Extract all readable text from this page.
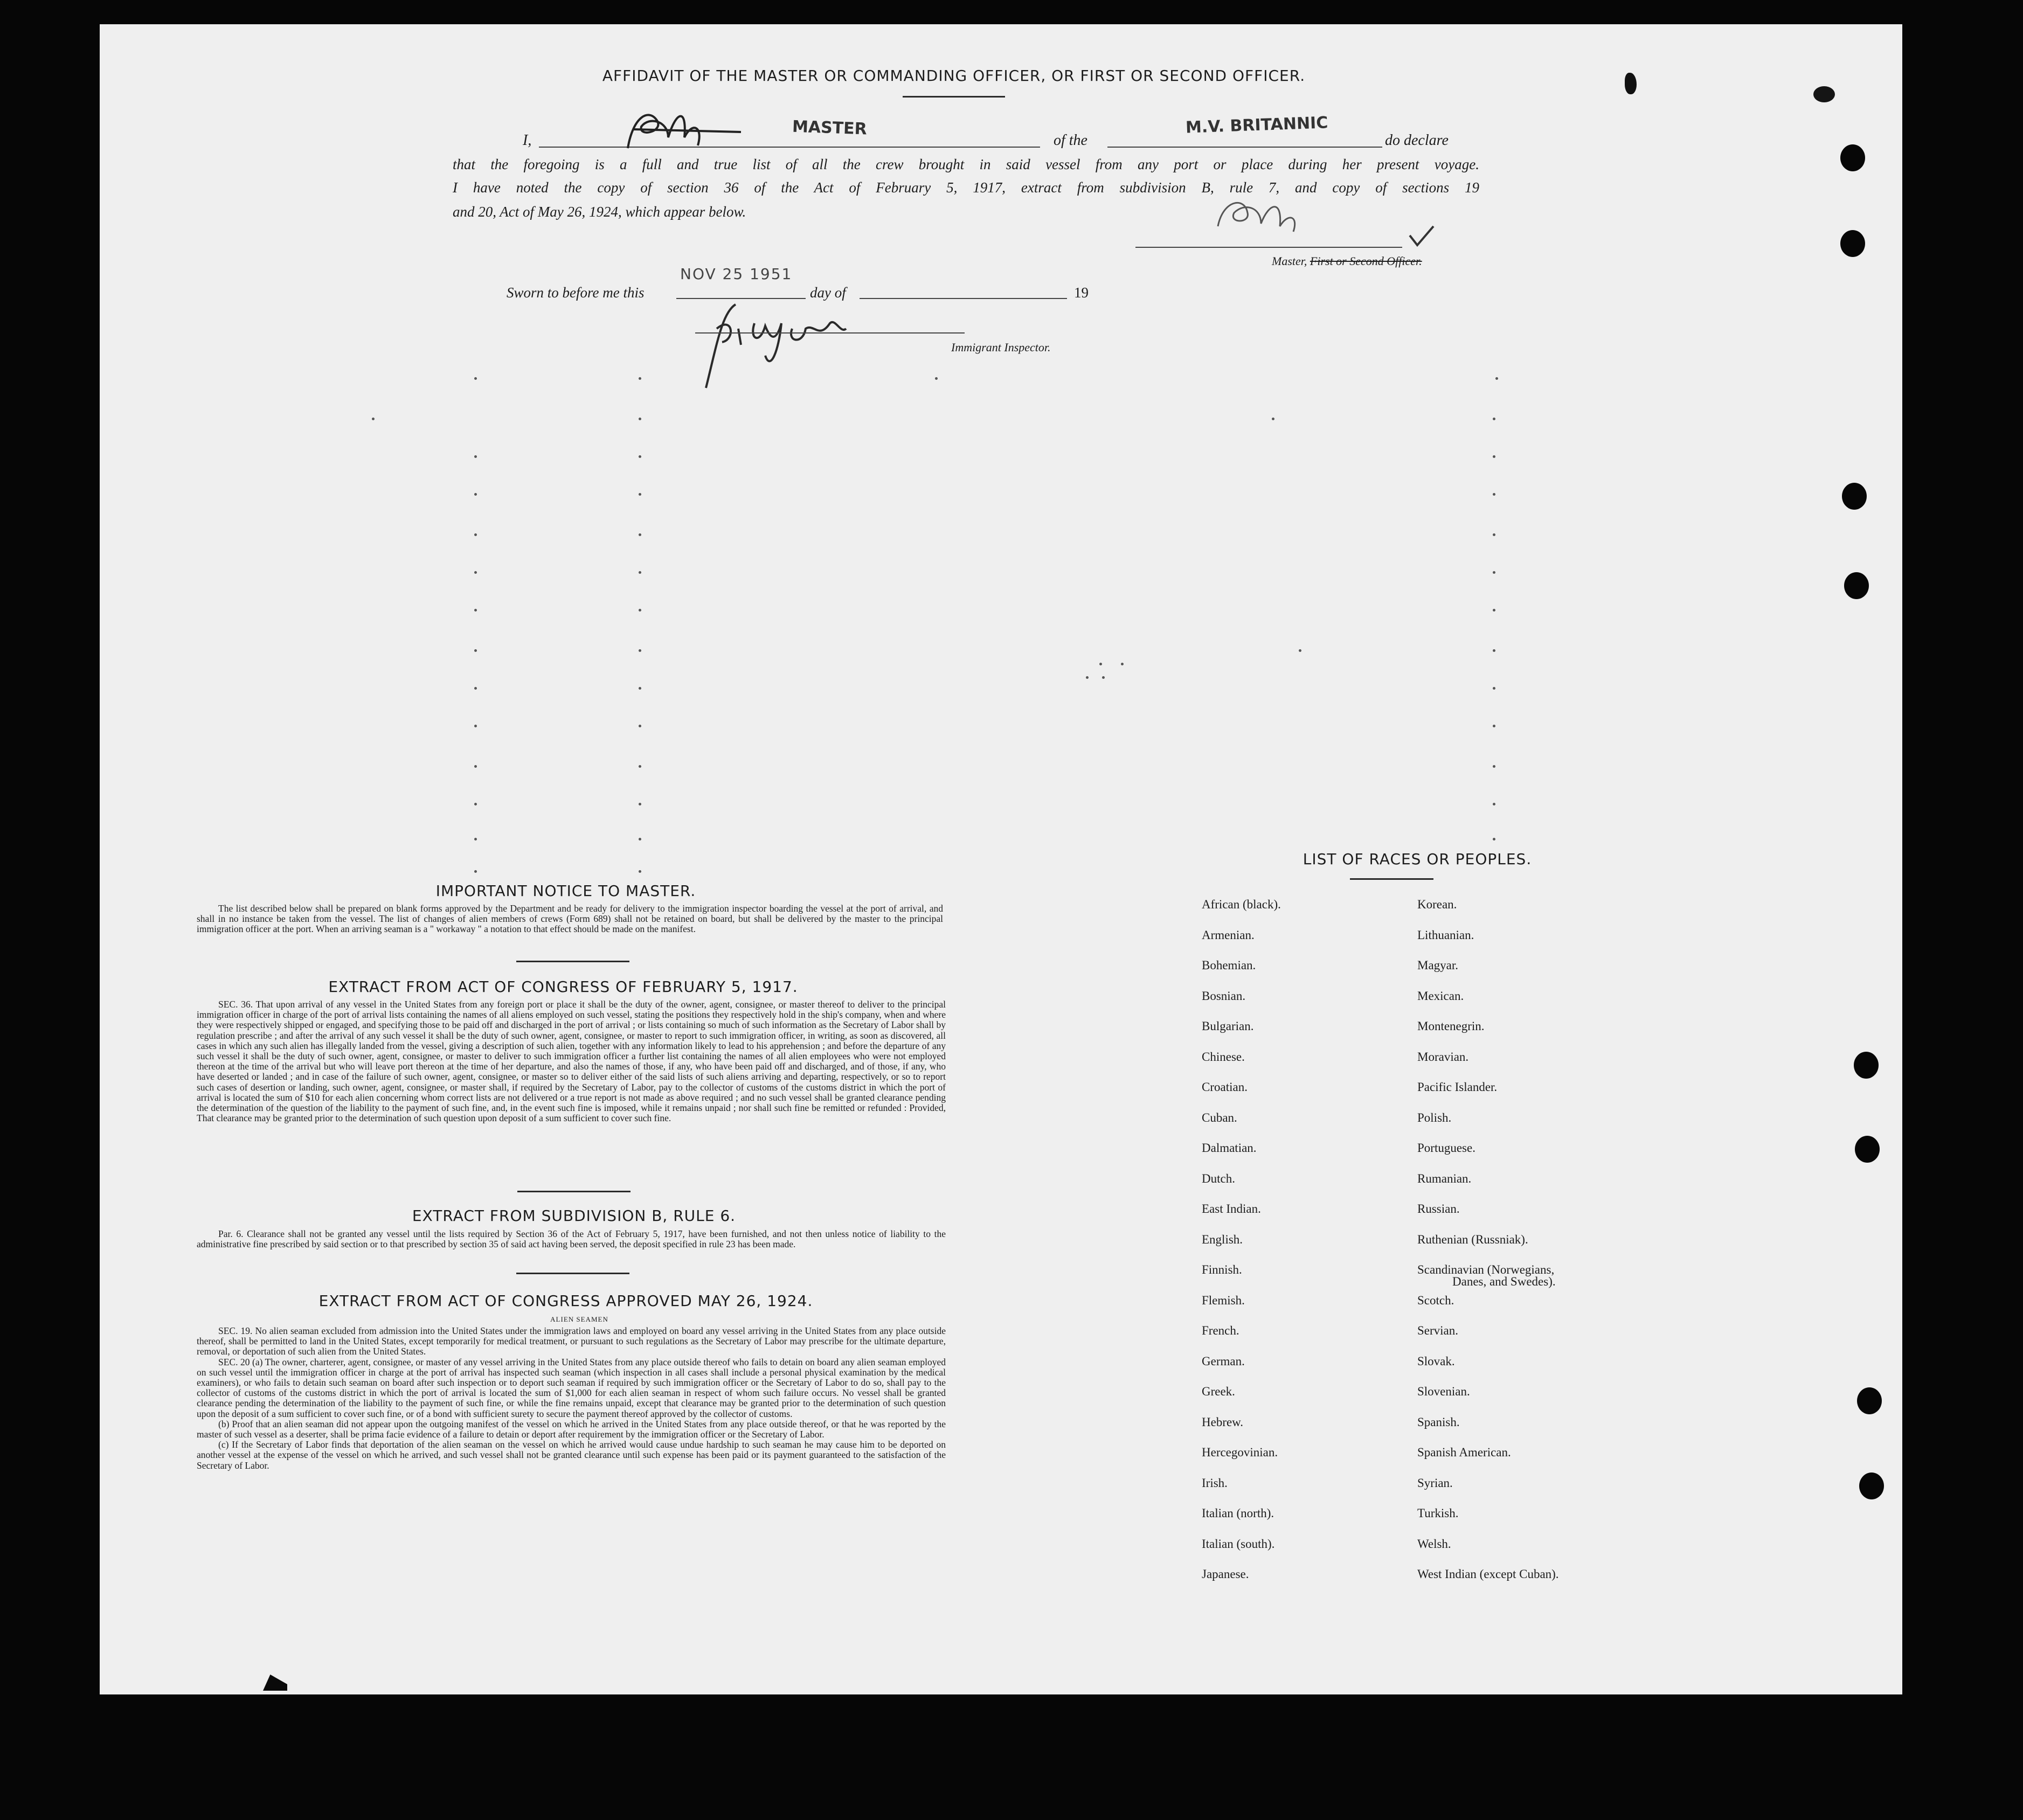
AFFIDAVIT OF THE MASTER OR COMMANDING OFFICER, OR FIRST OR SECOND OFFICER.
I,
MASTER
of the
M.V. BRITANNIC
do declare
that the foregoing is a full and true list of all the crew brought in said vessel from any port or place during her present voyage.
I have noted the copy of section 36 of the Act of February 5, 1917, extract from subdivision B, rule 7, and copy of sections 19
and 20, Act of May 26, 1924, which appear below.
Master, First or Second Officer.
Sworn to before me this
NOV 25 1951
day of	19
Immigrant Inspector.
IMPORTANT NOTICE TO MASTER.

The list described below shall be prepared on blank forms approved by the Department and be ready for delivery to the immigration inspector boarding the vessel at the port of arrival, and shall in no instance be taken from the vessel. The list of changes of alien members of crews (Form 689) shall not be retained on board, but shall be delivered by the master to the principal immigration officer at the port. When an arriving seaman is a " workaway " a notation to that effect should be made on the manifest.

EXTRACT FROM ACT OF CONGRESS OF FEBRUARY 5, 1917.

SEC. 36. That upon arrival of any vessel in the United States from any foreign port or place it shall be the duty of the owner, agent, consignee, or master thereof to deliver to the principal immigration officer in charge of the port of arrival lists containing the names of all aliens employed on such vessel, stating the positions they respectively hold in the ship's company, when and where they were respectively shipped or engaged, and specifying those to be paid off and discharged in the port of arrival ; or lists containing so much of such information as the Secretary of Labor shall by regulation prescribe ; and after the arrival of any such vessel it shall be the duty of such owner, agent, consignee, or master to report to such immigration officer, in writing, as soon as discovered, all cases in which any such alien has illegally landed from the vessel, giving a description of such alien, together with any information likely to lead to his apprehension ; and before the departure of any such vessel it shall be the duty of such owner, agent, consignee, or master to deliver to such immigration officer a further list containing the names of all alien employees who were not employed thereon at the time of the arrival but who will leave port thereon at the time of her departure, and also the names of those, if any, who have been paid off and discharged, and of those, if any, who have deserted or landed ; and in case of the failure of such owner, agent, consignee, or master so to deliver either of the said lists of such aliens arriving and departing, respectively, or so to report such cases of desertion or landing, such owner, agent, consignee, or master shall, if required by the Secretary of Labor, pay to the collector of customs of the customs district in which the port of arrival is located the sum of $10 for each alien concerning whom correct lists are not delivered or a true report is not made as above required ; and no such vessel shall be granted clearance pending the determination of the question of the liability to the payment of such fine, and, in the event such fine is imposed, while it remains unpaid ; nor shall such fine be remitted or refunded : Provided, That clearance may be granted prior to the determination of such question upon deposit of a sum sufficient to cover such fine.

EXTRACT FROM SUBDIVISION B, RULE 6.

Par. 6. Clearance shall not be granted any vessel until the lists required by Section 36 of the Act of February 5, 1917, have been furnished, and not then unless notice of liability to the administrative fine prescribed by said section or to that prescribed by section 35 of said act having been served, the deposit specified in rule 23 has been made.

EXTRACT FROM ACT OF CONGRESS APPROVED MAY 26, 1924.
ALIEN SEAMEN

SEC. 19. No alien seaman excluded from admission into the United States under the immigration laws and employed on board any vessel arriving in the United States from any place outside thereof, shall be permitted to land in the United States, except temporarily for medical treatment, or pursuant to such regulations as the Secretary of Labor may prescribe for the ultimate departure, removal, or deportation of such alien from the United States.

SEC. 20 (a) The owner, charterer, agent, consignee, or master of any vessel arriving in the United States from any place outside thereof who fails to detain on board any alien seaman employed on such vessel until the immigration officer in charge at the port of arrival has inspected such seaman (which inspection in all cases shall include a personal physical examination by the medical examiners), or who fails to detain such seaman on board after such inspection or to deport such seaman if required by such immigration officer or the Secretary of Labor to do so, shall pay to the collector of customs of the customs district in which the port of arrival is located the sum of $1,000 for each alien seaman in respect of whom such failure occurs. No vessel shall be granted clearance pending the determination of the liability to the payment of such fine, or while the fine remains unpaid, except that clearance may be granted prior to the determination of such question upon the deposit of a sum sufficient to cover such fine, or of a bond with sufficient surety to secure the payment thereof approved by the collector of customs.

(b) Proof that an alien seaman did not appear upon the outgoing manifest of the vessel on which he arrived in the United States from any place outside thereof, or that he was reported by the master of such vessel as a deserter, shall be prima facie evidence of a failure to detain or deport after requirement by the immigration officer or the Secretary of Labor.

(c) If the Secretary of Labor finds that deportation of the alien seaman on the vessel on which he arrived would cause undue hardship to such seaman he may cause him to be deported on another vessel at the expense of the vessel on which he arrived, and such vessel shall not be granted clearance until such expense has been paid or its payment guaranteed to the satisfaction of the Secretary of Labor.

LIST OF RACES OR PEOPLES.
African (black).
Armenian.
Bohemian.
Bosnian.
Bulgarian.
Chinese.
Croatian.
Cuban.
Dalmatian.
Dutch.
East Indian.
English.
Finnish.
Flemish.
French.
German.
Greek.
Hebrew.
Hercegovinian.
Irish.
Italian (north).
Italian (south).
Japanese.
Korean.
Lithuanian.
Magyar.
Mexican.
Montenegrin.
Moravian.
Pacific Islander.
Polish.
Portuguese.
Rumanian.
Russian.
Ruthenian (Russniak).
Scandinavian (Norwegians,
Danes, and Swedes).
Scotch.
Servian.
Slovak.
Slovenian.
Spanish.
Spanish American.
Syrian.
Turkish.
Welsh.
West Indian (except Cuban).
